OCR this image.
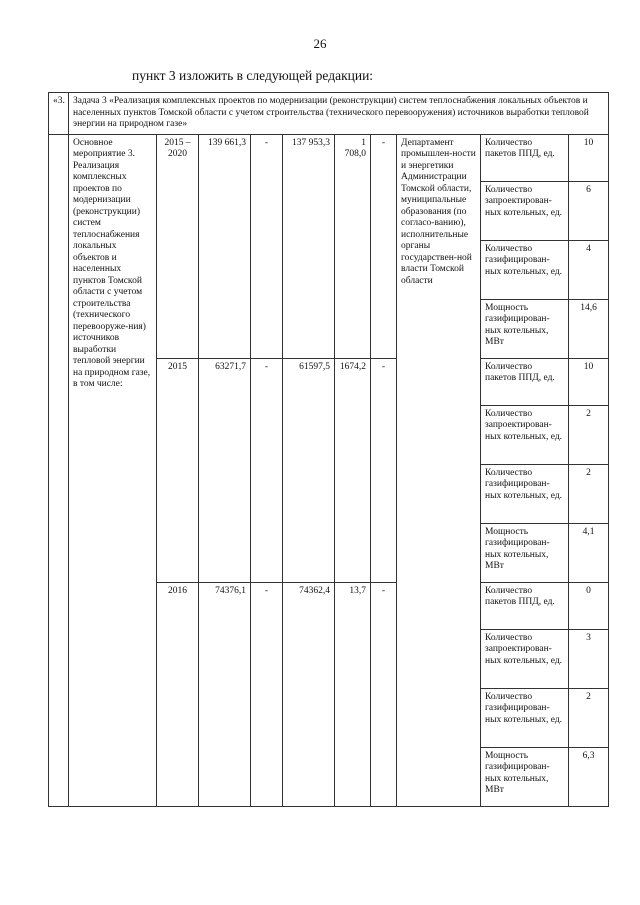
26
пункт 3 изложить в следующей редакции:
«3.	Задача 3 «Реализация комплексных проектов по модернизации (реконструкции) систем теплоснабжения локальных объектов и населенных пунктов Томской области с учетом строительства (технического перевооружения) источников выработки тепловой энергии на природном газе»									
	Основное мероприятие 3. Реализация комплексных проектов по модернизации (реконструкции) систем теплоснабжения локальных объектов и населенных пунктов Томской области с учетом строительства (технического перевооруже-ния) источников выработки тепловой энергии на природном газе, в том числе:	2015 – 2020	139 661,3	-	137 953,3	1 708,0	-	Департамент промышлен-ности и энергетики Администрации Томской области, муниципальные образования (по согласо-ванию), исполнительные органы государствен-ной власти Томской области	Количество пакетов ППД, ед.	10
									Количество запроектирован-ных котельных, ед.	6
									Количество газифицирован-ных котельных, ед.	4
									Мощность газифицирован-ных котельных, МВт	14,6
		2015	63271,7	-	61597,5	1674,2	-		Количество пакетов ППД, ед.	10
									Количество запроектирован-ных котельных, ед.	2
									Количество газифицирован-ных котельных, ед.	2
									Мощность газифицирован-ных котельных, МВт	4,1
		2016	74376,1	-	74362,4	13,7	-		Количество пакетов ППД, ед.	0
									Количество запроектирован-ных котельных, ед.	3
									Количество газифицирован-ных котельных, ед.	2
									Мощность газифицирован-ных котельных, МВт	6,3
